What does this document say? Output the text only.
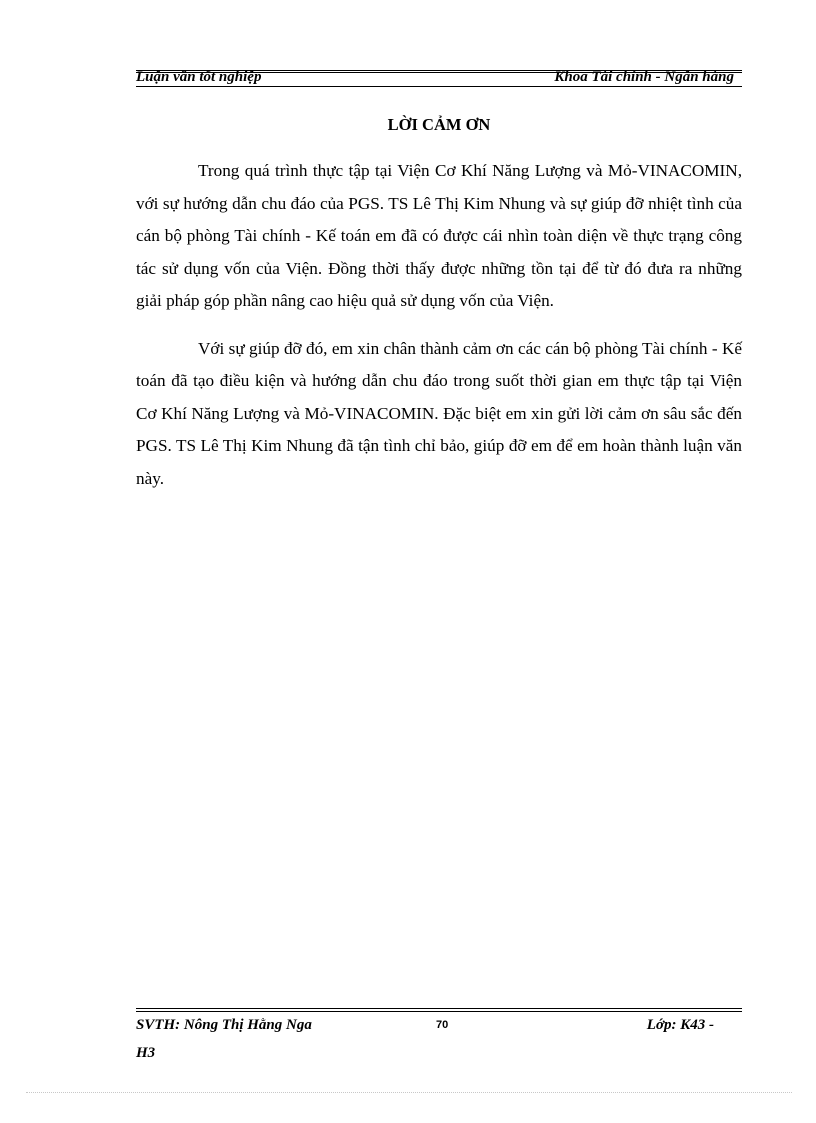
Luận văn tốt nghiệp	Khoa Tài chính - Ngân hàng
LỜI CẢM ƠN

Trong quá trình thực tập tại Viện Cơ Khí Năng Lượng và Mỏ-VINACOMIN, với sự hướng dẫn chu đáo của PGS. TS Lê Thị Kim Nhung và sự giúp đỡ nhiệt tình của cán bộ phòng Tài chính - Kế toán em đã có được cái nhìn toàn diện về thực trạng công tác sử dụng vốn của Viện. Đồng thời thấy được những tồn tại để từ đó đưa ra những giải pháp góp phần nâng cao hiệu quả sử dụng vốn của Viện.

Với sự giúp đỡ đó, em xin chân thành cảm ơn các cán bộ phòng Tài chính - Kế toán đã tạo điều kiện và hướng dẫn chu đáo trong suốt thời gian em thực tập tại Viện Cơ Khí Năng Lượng và Mỏ-VINACOMIN. Đặc biệt em xin gửi lời cảm ơn sâu sắc đến PGS. TS Lê Thị Kim Nhung đã tận tình chỉ bảo, giúp đỡ em để em hoàn thành luận văn này.

SVTH: Nông Thị Hằng Nga	70	Lớp: K43 -
H3
